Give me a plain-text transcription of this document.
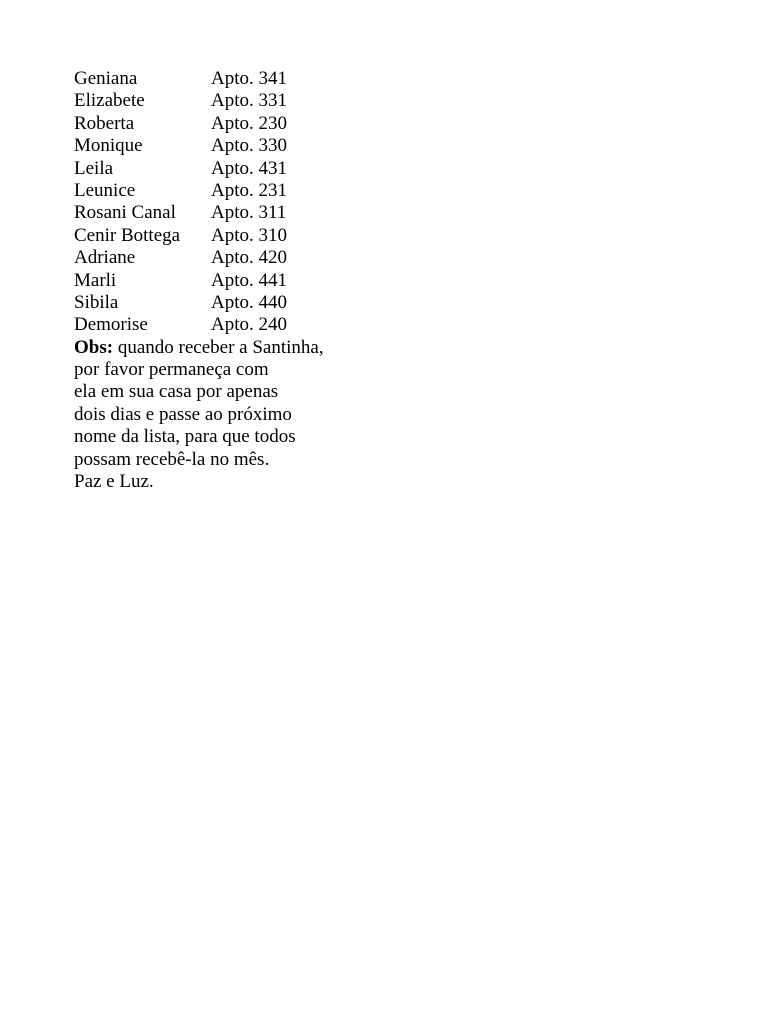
Geniana	Apto. 341
Elizabete	Apto. 331
Roberta	Apto. 230
Monique	Apto. 330
Leila	Apto. 431
Leunice	Apto. 231
Rosani Canal	Apto. 311
Cenir Bottega	Apto. 310
Adriane	Apto. 420
Marli	Apto. 441
Sibila	Apto. 440
Demorise	Apto. 240
Obs: quando receber a Santinha,
por favor permaneça com
ela em sua casa por apenas
dois dias e passe ao próximo
nome da lista, para que todos
possam recebê-la no mês.
Paz e Luz.
